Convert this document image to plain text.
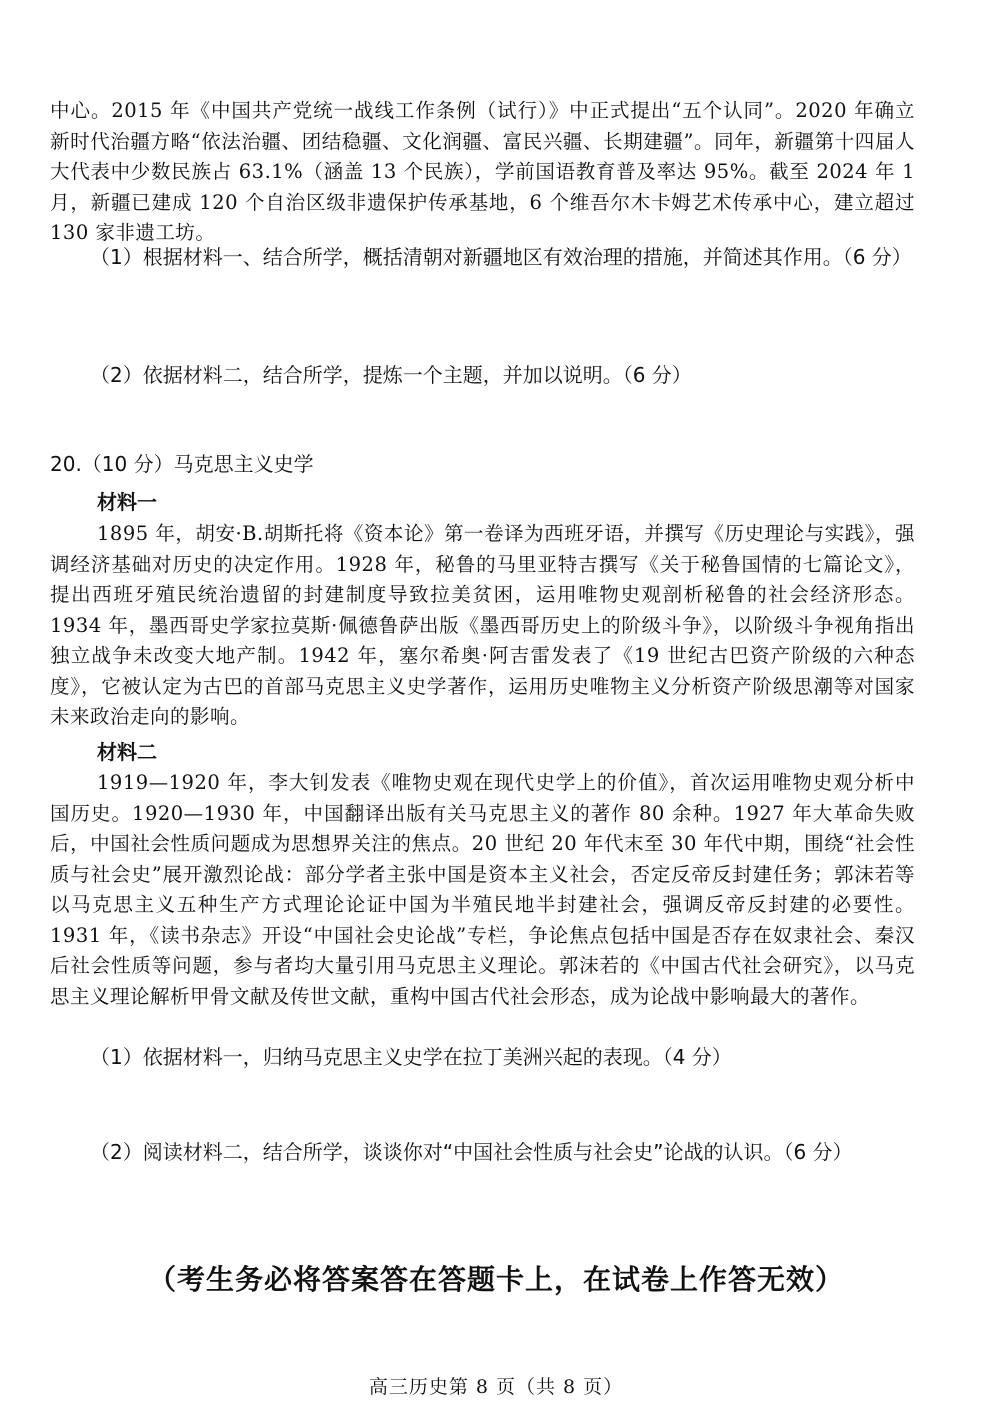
中心。2015 年《中国共产党统一战线工作条例（试行）》中正式提出“五个认同”。2020 年确立新时代治疆方略“依法治疆、团结稳疆、文化润疆、富民兴疆、长期建疆”。同年，新疆第十四届人大代表中少数民族占 63.1%（涵盖 13 个民族），学前国语教育普及率达 95%。截至 2024 年 1 月，新疆已建成 120 个自治区级非遗保护传承基地，6 个维吾尔木卡姆艺术传承中心，建立超过 130 家非遗工坊。
（1）根据材料一、结合所学，概括清朝对新疆地区有效治理的措施，并简述其作用。（6 分）
（2）依据材料二，结合所学，提炼一个主题，并加以说明。（6 分）
20.（10 分）马克思主义史学
材料一
1895 年，胡安·B.胡斯托将《资本论》第一卷译为西班牙语，并撰写《历史理论与实践》，强调经济基础对历史的决定作用。1928 年，秘鲁的马里亚特吉撰写《关于秘鲁国情的七篇论文》，提出西班牙殖民统治遗留的封建制度导致拉美贫困，运用唯物史观剖析秘鲁的社会经济形态。1934 年，墨西哥史学家拉莫斯·佩德鲁萨出版《墨西哥历史上的阶级斗争》，以阶级斗争视角指出独立战争未改变大地产制。1942 年，塞尔希奥·阿吉雷发表了《19 世纪古巴资产阶级的六种态度》，它被认定为古巴的首部马克思主义史学著作，运用历史唯物主义分析资产阶级思潮等对国家未来政治走向的影响。
材料二
1919—1920 年，李大钊发表《唯物史观在现代史学上的价值》，首次运用唯物史观分析中国历史。1920—1930 年，中国翻译出版有关马克思主义的著作 80 余种。1927 年大革命失败后，中国社会性质问题成为思想界关注的焦点。20 世纪 20 年代末至 30 年代中期，围绕“社会性质与社会史”展开激烈论战：部分学者主张中国是资本主义社会，否定反帝反封建任务；郭沫若等以马克思主义五种生产方式理论论证中国为半殖民地半封建社会，强调反帝反封建的必要性。1931 年，《读书杂志》开设“中国社会史论战”专栏，争论焦点包括中国是否存在奴隶社会、秦汉后社会性质等问题，参与者均大量引用马克思主义理论。郭沫若的《中国古代社会研究》，以马克思主义理论解析甲骨文献及传世文献，重构中国古代社会形态，成为论战中影响最大的著作。
（1）依据材料一，归纳马克思主义史学在拉丁美洲兴起的表现。（4 分）
（2）阅读材料二，结合所学，谈谈你对“中国社会性质与社会史”论战的认识。（6 分）
（考生务必将答案答在答题卡上，在试卷上作答无效）
高三历史第 8 页（共 8 页）
